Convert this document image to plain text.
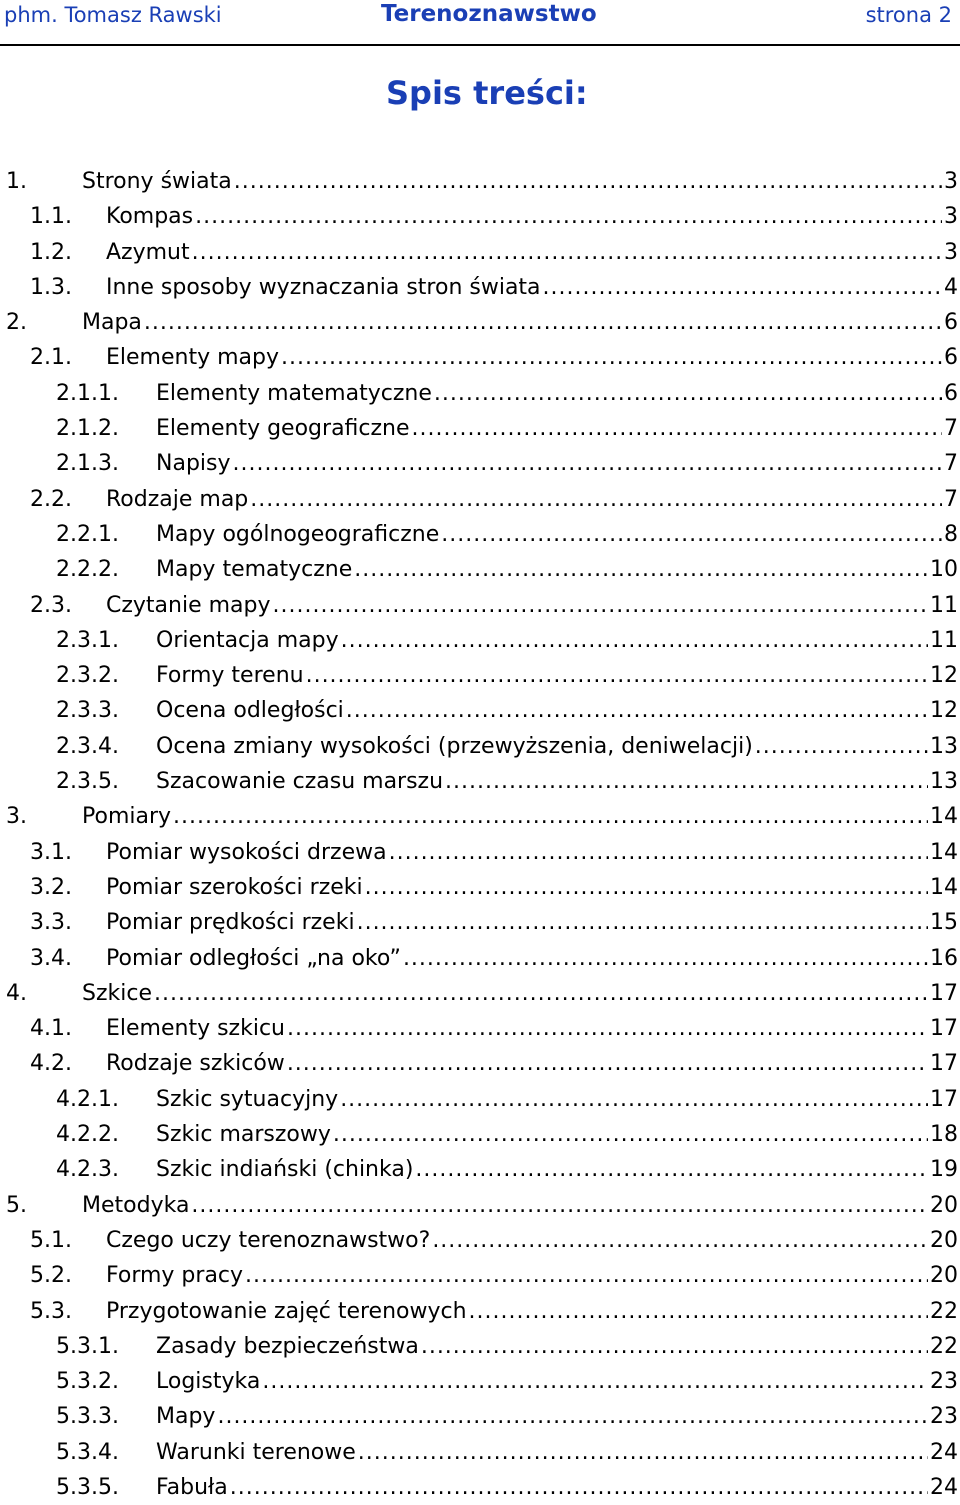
phm. Tomasz Rawski	Terenoznawstwo	strona 2
Spis treści:
1.	Strony świata .....	3
1.1. Kompas .....	3
1.2. Azymut .....	3
1.3. Inne sposoby wyznaczania stron świata .....	4
2.	Mapa .....	6
2.1. Elementy mapy .....	6
2.1.1. Elementy matematyczne .....	6
2.1.2. Elementy geograficzne .....	7
2.1.3. Napisy .....	7
2.2. Rodzaje map .....	7
2.2.1. Mapy ogólnogeograficzne .....	8
2.2.2. Mapy tematyczne .....	10
2.3. Czytanie mapy .....	11
2.3.1. Orientacja mapy .....	11
2.3.2. Formy terenu .....	12
2.3.3. Ocena odległości .....	12
2.3.4. Ocena zmiany wysokości (przewyższenia, deniwelacji) .....	13
2.3.5. Szacowanie czasu marszu .....	13
3.	Pomiary .....	14
3.1. Pomiar wysokości drzewa .....	14
3.2. Pomiar szerokości rzeki .....	14
3.3. Pomiar prędkości rzeki .....	15
3.4. Pomiar odległości „na oko” .....	16
4.	Szkice .....	17
4.1. Elementy szkicu .....	17
4.2. Rodzaje szkiców .....	17
4.2.1. Szkic sytuacyjny .....	17
4.2.2. Szkic marszowy .....	18
4.2.3. Szkic indiański (chinka) .....	19
5.	Metodyka .....	20
5.1. Czego uczy terenoznawstwo? .....	20
5.2. Formy pracy .....	20
5.3. Przygotowanie zajęć terenowych .....	22
5.3.1. Zasady bezpieczeństwa .....	22
5.3.2. Logistyka .....	23
5.3.3. Mapy .....	23
5.3.4. Warunki terenowe .....	24
5.3.5. Fabuła .....	24
